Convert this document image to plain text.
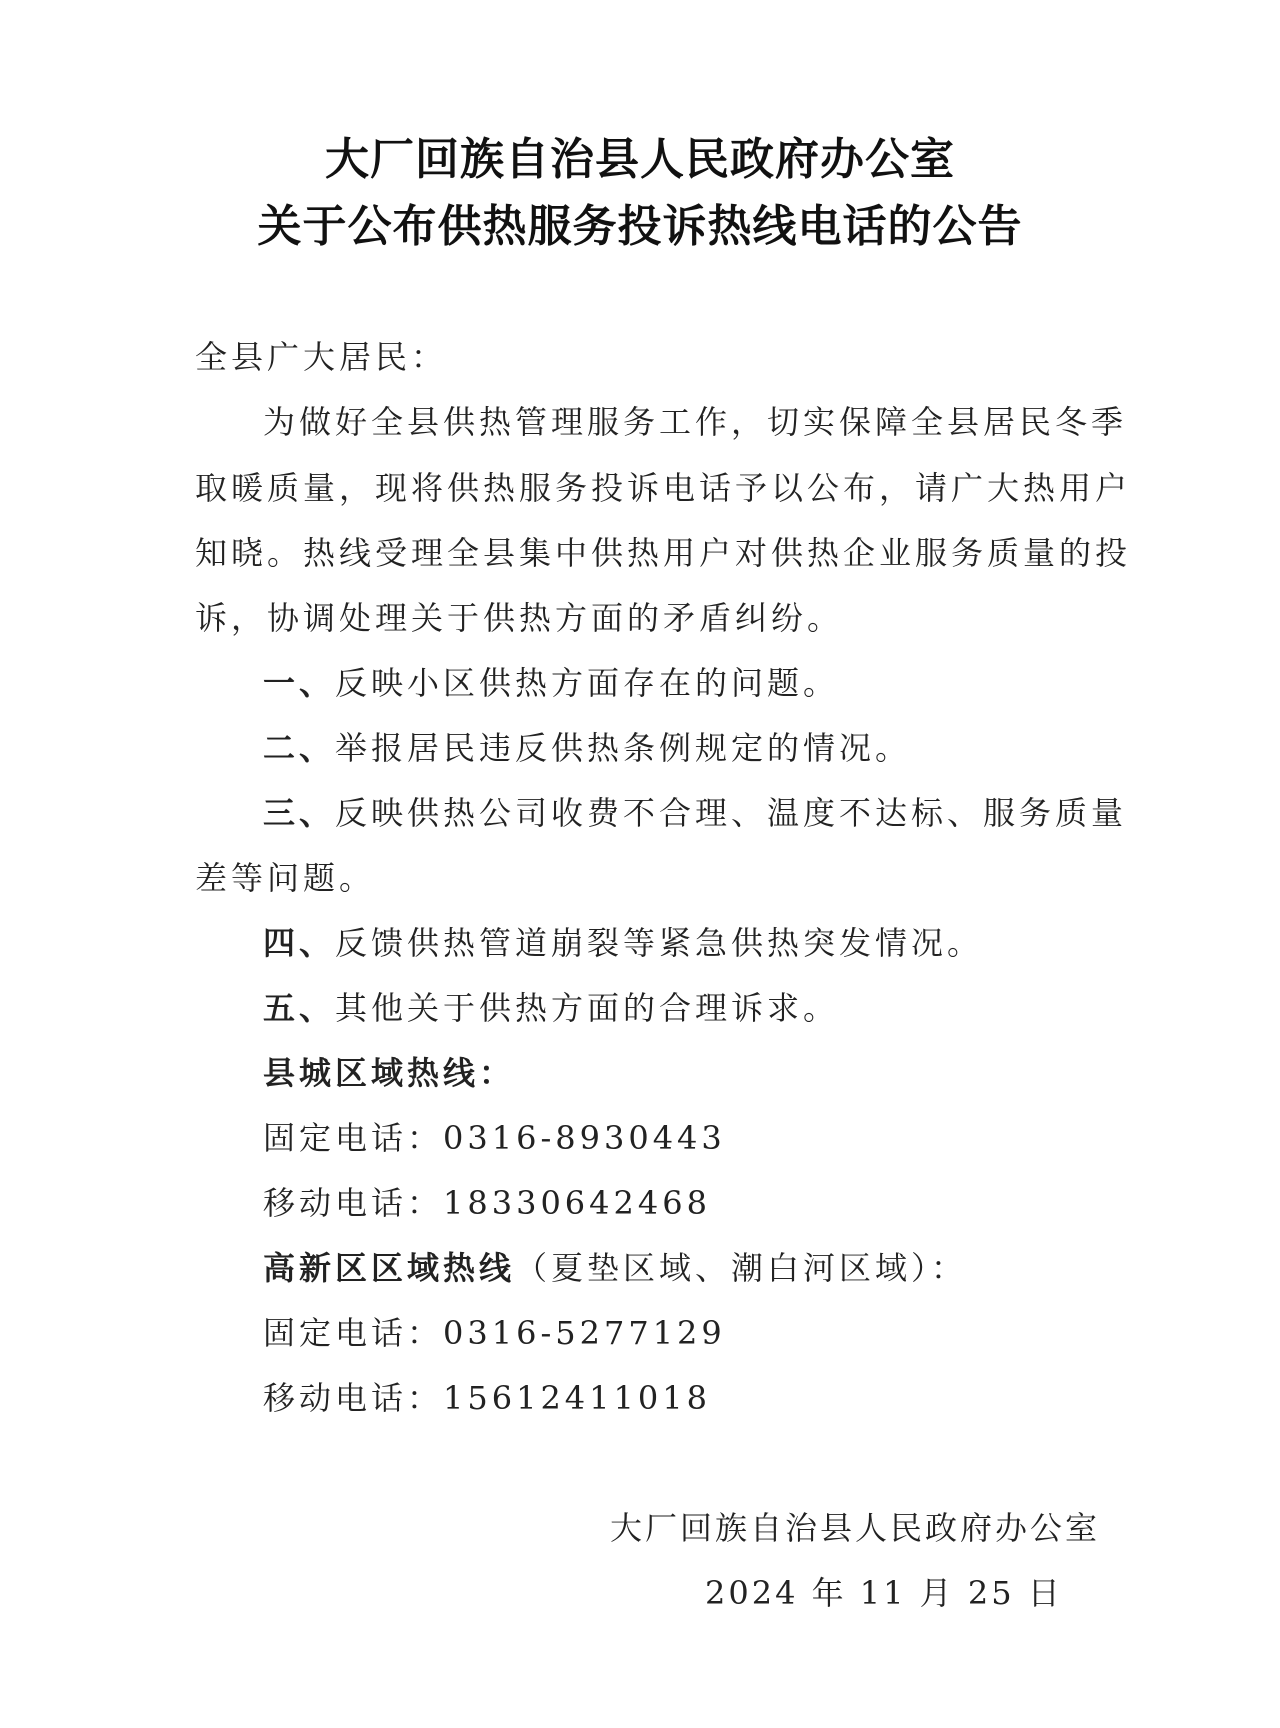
大厂回族自治县人民政府办公室
关于公布供热服务投诉热线电话的公告
全县广大居民：
为做好全县供热管理服务工作，切实保障全县居民冬季
取暖质量，现将供热服务投诉电话予以公布，请广大热用户
知晓。热线受理全县集中供热用户对供热企业服务质量的投
诉，协调处理关于供热方面的矛盾纠纷。
一、反映小区供热方面存在的问题。
二、举报居民违反供热条例规定的情况。
三、反映供热公司收费不合理、温度不达标、服务质量
差等问题。
四、反馈供热管道崩裂等紧急供热突发情况。
五、其他关于供热方面的合理诉求。
县城区域热线：
固定电话：0316-8930443
移动电话：18330642468
高新区区域热线（夏垫区域、潮白河区域）：
固定电话：0316-5277129
移动电话：15612411018
大厂回族自治县人民政府办公室
2024 年 11 月 25 日
